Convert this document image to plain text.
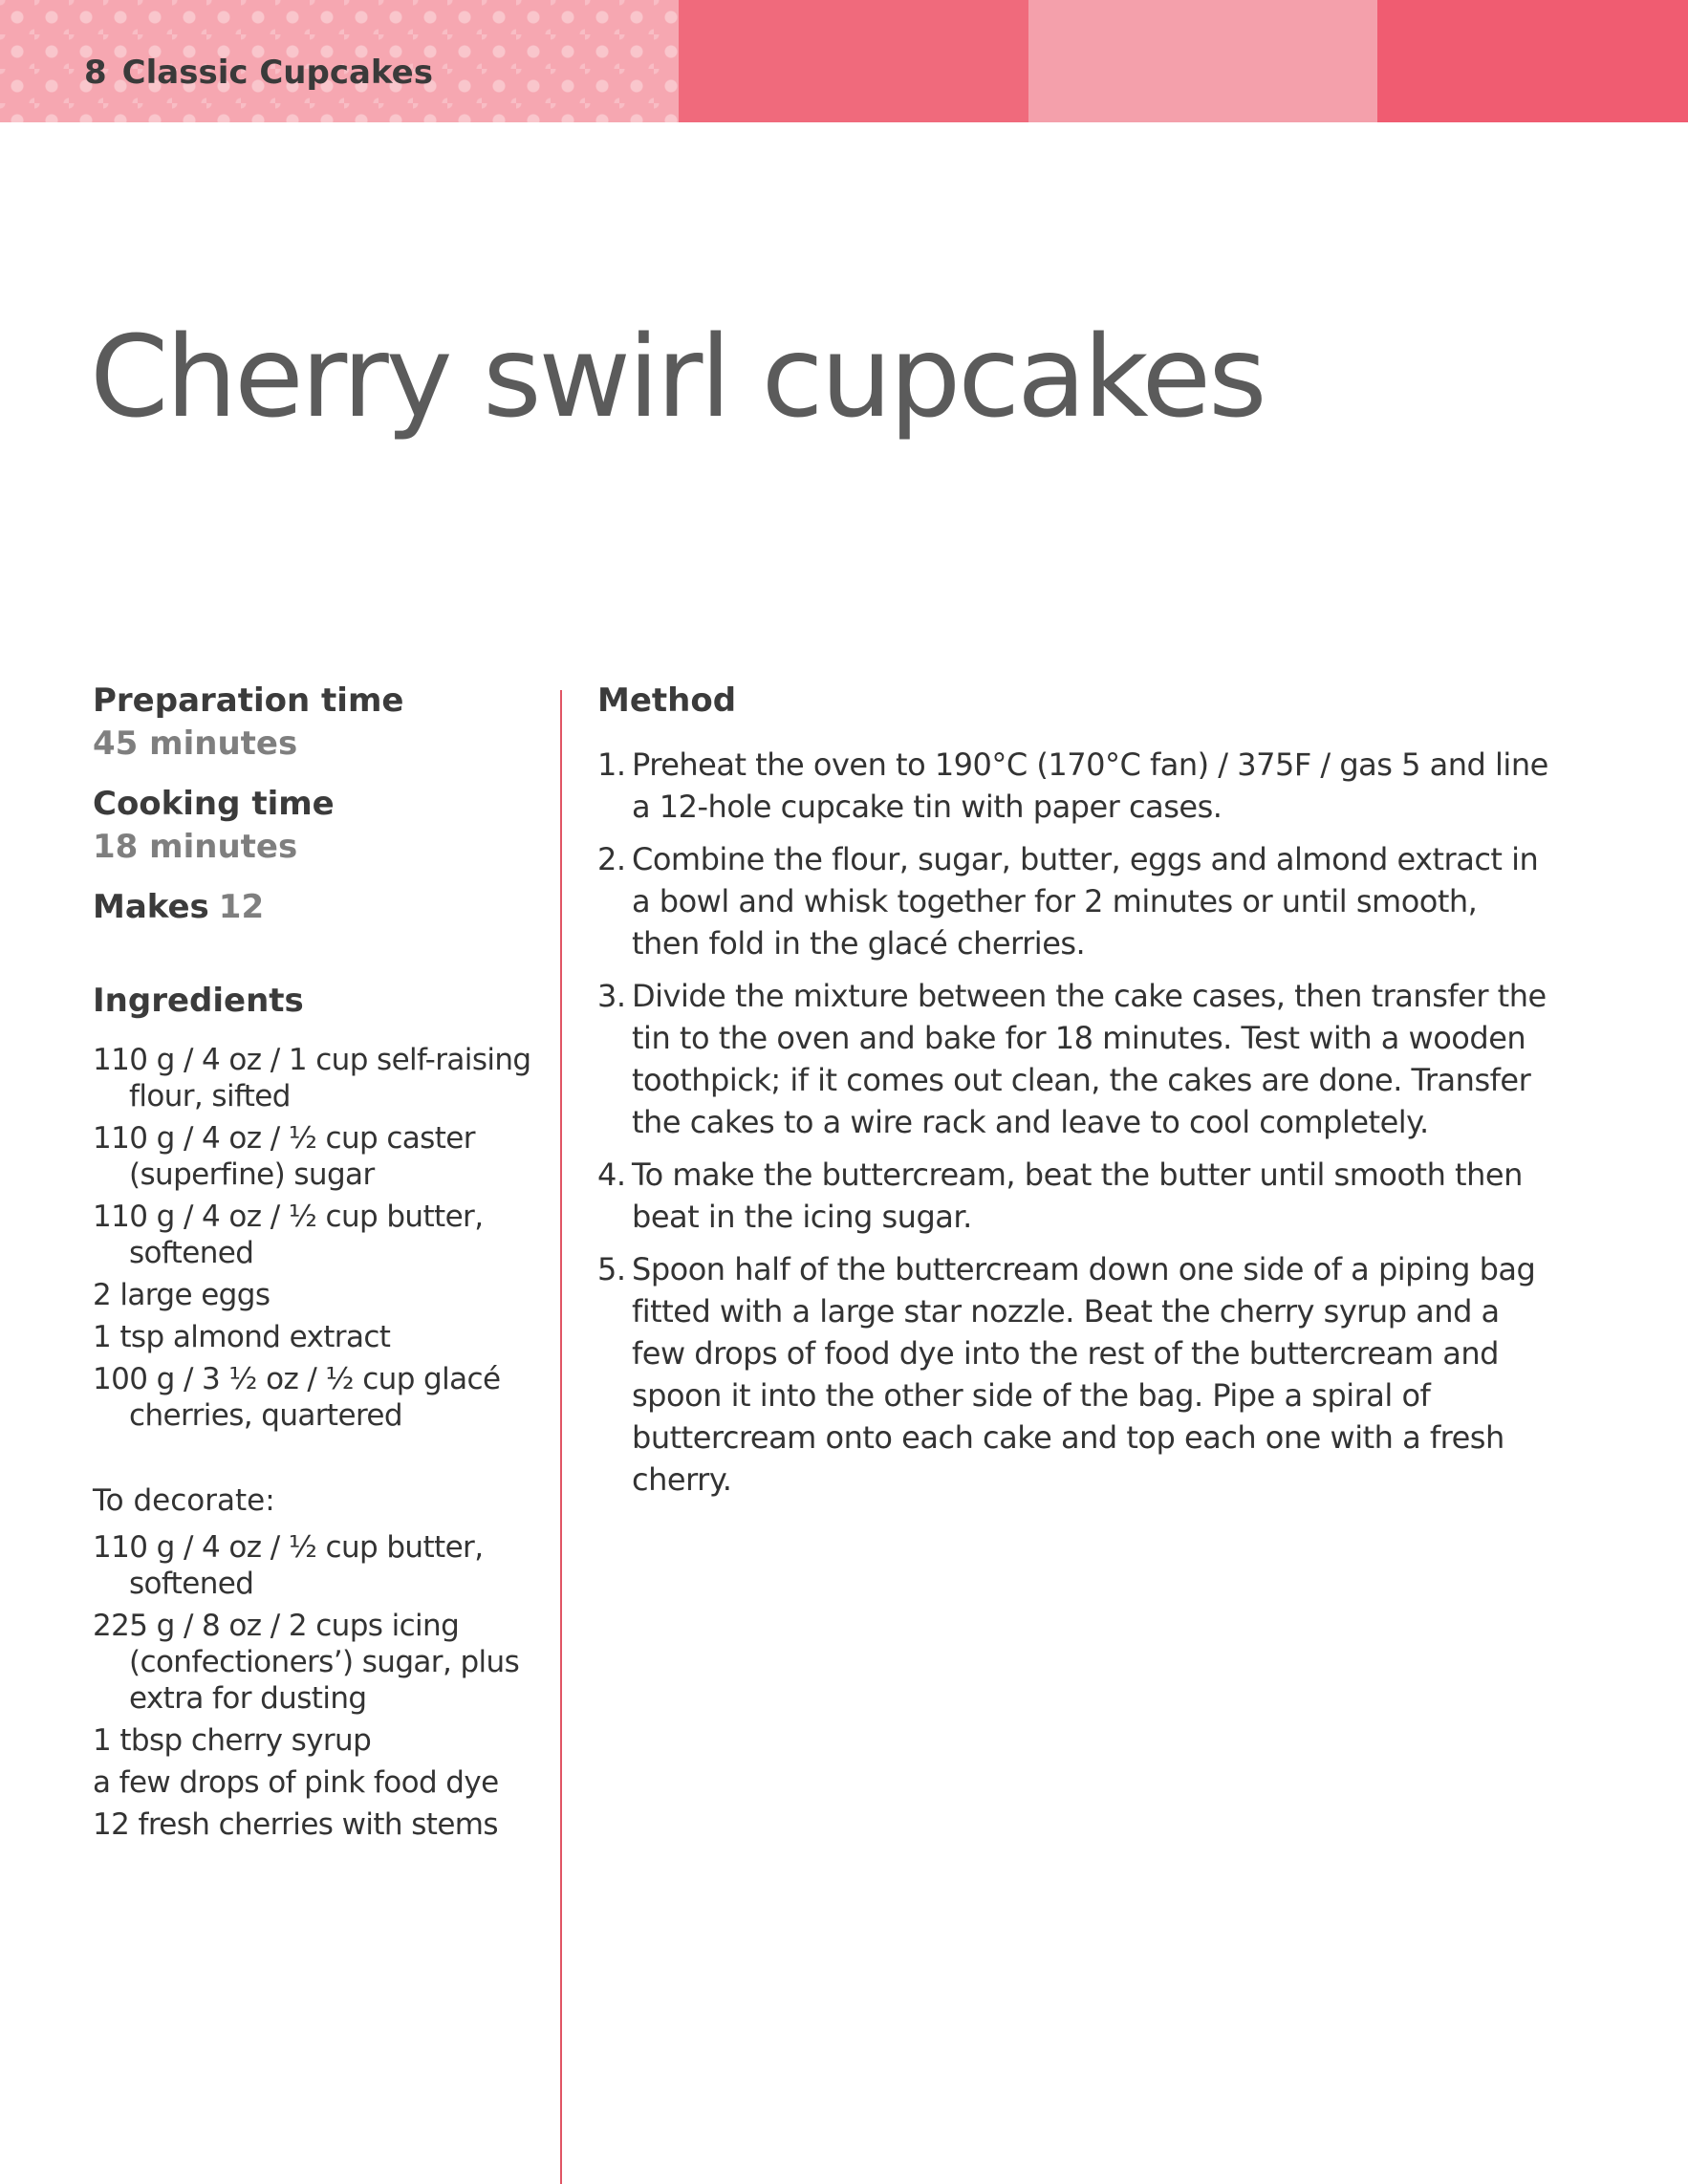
8 Classic Cupcakes
Cherry swirl cupcakes
Preparation time
45 minutes
Cooking time
18 minutes
Makes 12
Ingredients
110 g / 4 oz / 1 cup self-raising flour, sifted
110 g / 4 oz / ½ cup caster (superfine) sugar
110 g / 4 oz / ½ cup butter, softened
2 large eggs
1 tsp almond extract
100 g / 3 ½ oz / ½ cup glacé cherries, quartered
To decorate:
110 g / 4 oz / ½ cup butter, softened
225 g / 8 oz / 2 cups icing (confectioners’) sugar, plus extra for dusting
1 tbsp cherry syrup
a few drops of pink food dye
12 fresh cherries with stems
Method
1. Preheat the oven to 190°C (170°C fan) / 375F / gas 5 and line a 12-hole cupcake tin with paper cases.
2. Combine the flour, sugar, butter, eggs and almond extract in a bowl and whisk together for 2 minutes or until smooth, then fold in the glacé cherries.
3. Divide the mixture between the cake cases, then transfer the tin to the oven and bake for 18 minutes. Test with a wooden toothpick; if it comes out clean, the cakes are done. Transfer the cakes to a wire rack and leave to cool completely.
4. To make the buttercream, beat the butter until smooth then beat in the icing sugar.
5. Spoon half of the buttercream down one side of a piping bag fitted with a large star nozzle. Beat the cherry syrup and a few drops of food dye into the rest of the buttercream and spoon it into the other side of the bag. Pipe a spiral of buttercream onto each cake and top each one with a fresh cherry.
